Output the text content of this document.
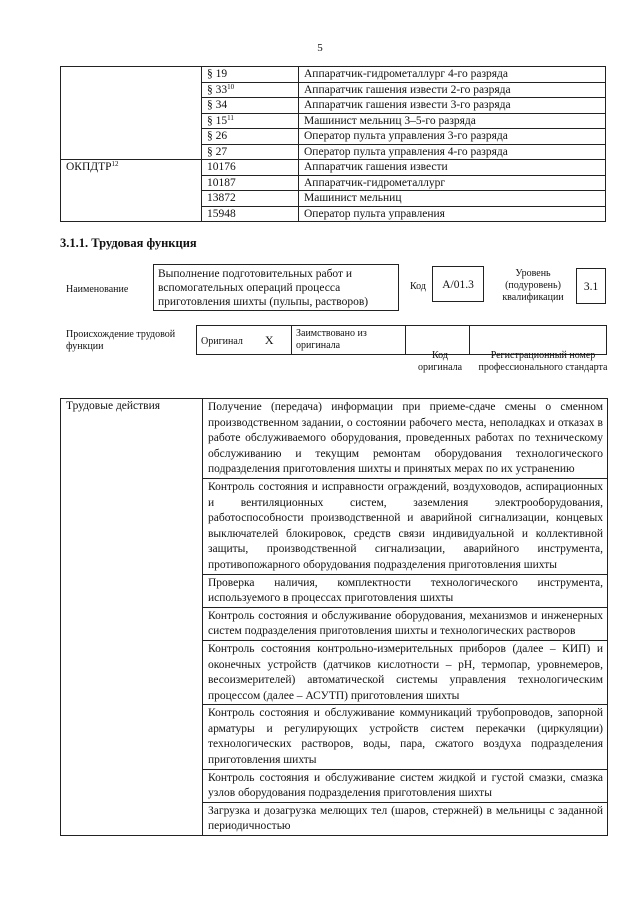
5
	§ 19	Аппаратчик-гидрометаллург 4-го разряда
	§ $33^{10}$	Аппаратчик гашения извести 2-го разряда
	§ 34	Аппаратчик гашения извести 3-го разряда
	§ $15^{11}$	Машинист мельниц 3–5-го разряда
	§ 26	Оператор пульта управления 3-го разряда
	§ 27	Оператор пульта управления 4-го разряда
ОКПДТР$^{12}$	10176	Аппаратчик гашения извести
	10187	Аппаратчик-гидрометаллург
	13872	Машинист мельниц
	15948	Оператор пульта управления
3.1.1. Трудовая функция
Наименование
Выполнение подготовительных работ и вспомогательных операций процесса приготовления шихты (пульпы, растворов)
Код	A/01.3
Уровень (подуровень) квалификации
3.1
Происхождение трудовой функции	Оригинал X	Заимствовано из оригинала		
Код оригинала
Регистрационный номер профессионального стандарта
Трудовые действия	Получение (передача) информации при приеме-сдаче смены о сменном производственном задании, о состоянии рабочего места, неполадках и отказах в работе обслуживаемого оборудования, проведенных работах по техническому обслуживанию и текущим ремонтам оборудования технологического подразделения приготовления шихты и принятых мерах по их устранению
Контроль состояния и исправности ограждений, воздуховодов, аспирационных и вентиляционных систем, заземления электрооборудования, работоспособности производственной и аварийной сигнализации, концевых выключателей блокировок, средств связи индивидуальной и коллективной защиты, производственной сигнализации, аварийного инструмента, противопожарного оборудования подразделения приготовления шихты
Проверка наличия, комплектности технологического инструмента, используемого в процессах приготовления шихты
Контроль состояния и обслуживание оборудования, механизмов и инженерных систем подразделения приготовления шихты и технологических растворов
Контроль состояния контрольно-измерительных приборов (далее – КИП) и оконечных устройств (датчиков кислотности – pH, термопар, уровнемеров, весоизмерителей) автоматической системы управления технологическим процессом (далее – АСУТП) приготовления шихты
Контроль состояния и обслуживание коммуникаций трубопроводов, запорной арматуры и регулирующих устройств систем перекачки (циркуляции) технологических растворов, воды, пара, сжатого воздуха подразделения приготовления шихты
Контроль состояния и обслуживание систем жидкой и густой смазки, смазка узлов оборудования подразделения приготовления шихты
Загрузка и дозагрузка мелющих тел (шаров, стержней) в мельницы с заданной периодичностью
